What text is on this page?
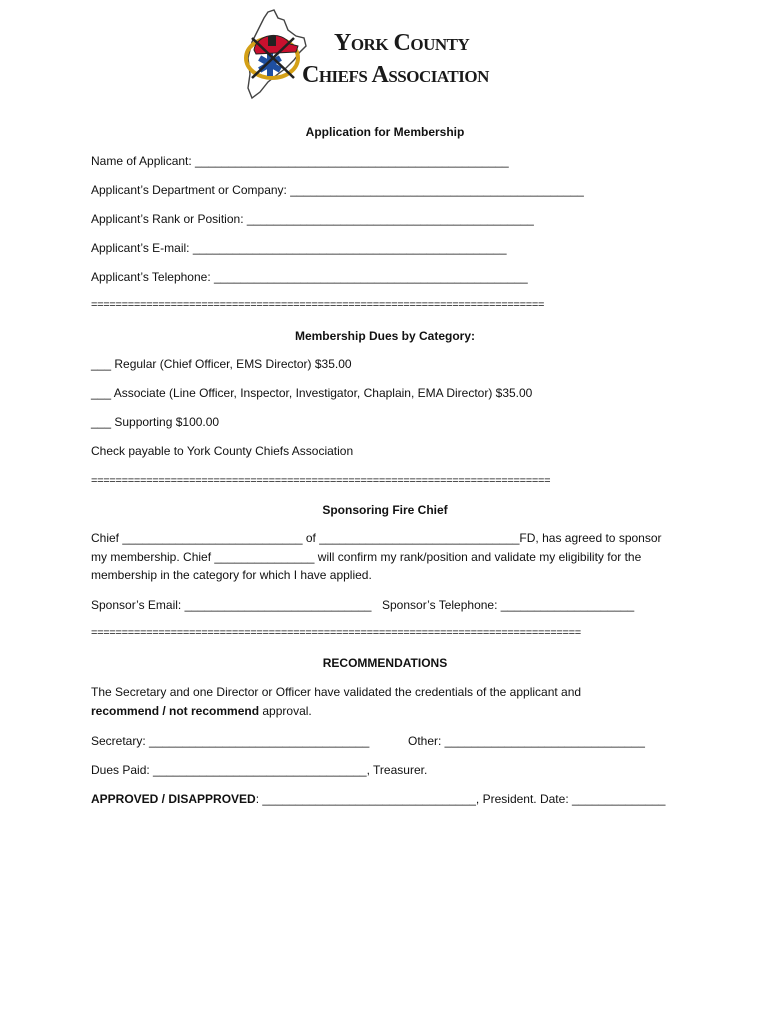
York County
Chiefs Association
Application for Membership
Name of Applicant: _______________________________________________
Applicant’s Department or Company: ____________________________________________
Applicant’s Rank or Position: ___________________________________________
Applicant’s E-mail: _______________________________________________
Applicant’s Telephone: _______________________________________________
==========================================================================
Membership Dues by Category:
___ Regular (Chief Officer, EMS Director) $35.00
___ Associate (Line Officer, Inspector, Investigator, Chaplain, EMA Director) $35.00
___ Supporting $100.00
Check payable to York County Chiefs Association
===========================================================================
Sponsoring Fire Chief
Chief ___________________________ of ______________________________FD, has agreed to sponsor my membership. Chief _______________ will confirm my rank/position and validate my eligibility for the membership in the category for which I have applied.
Sponsor’s Email: ____________________________ Sponsor’s Telephone: ____________________
================================================================================
RECOMMENDATIONS
The Secretary and one Director or Officer have validated the credentials of the applicant and
recommend / not recommend approval.
Secretary: _________________________________	Other: ______________________________
Dues Paid: ________________________________, Treasurer.
APPROVED / DISAPPROVED: ________________________________, President. Date: ______________
